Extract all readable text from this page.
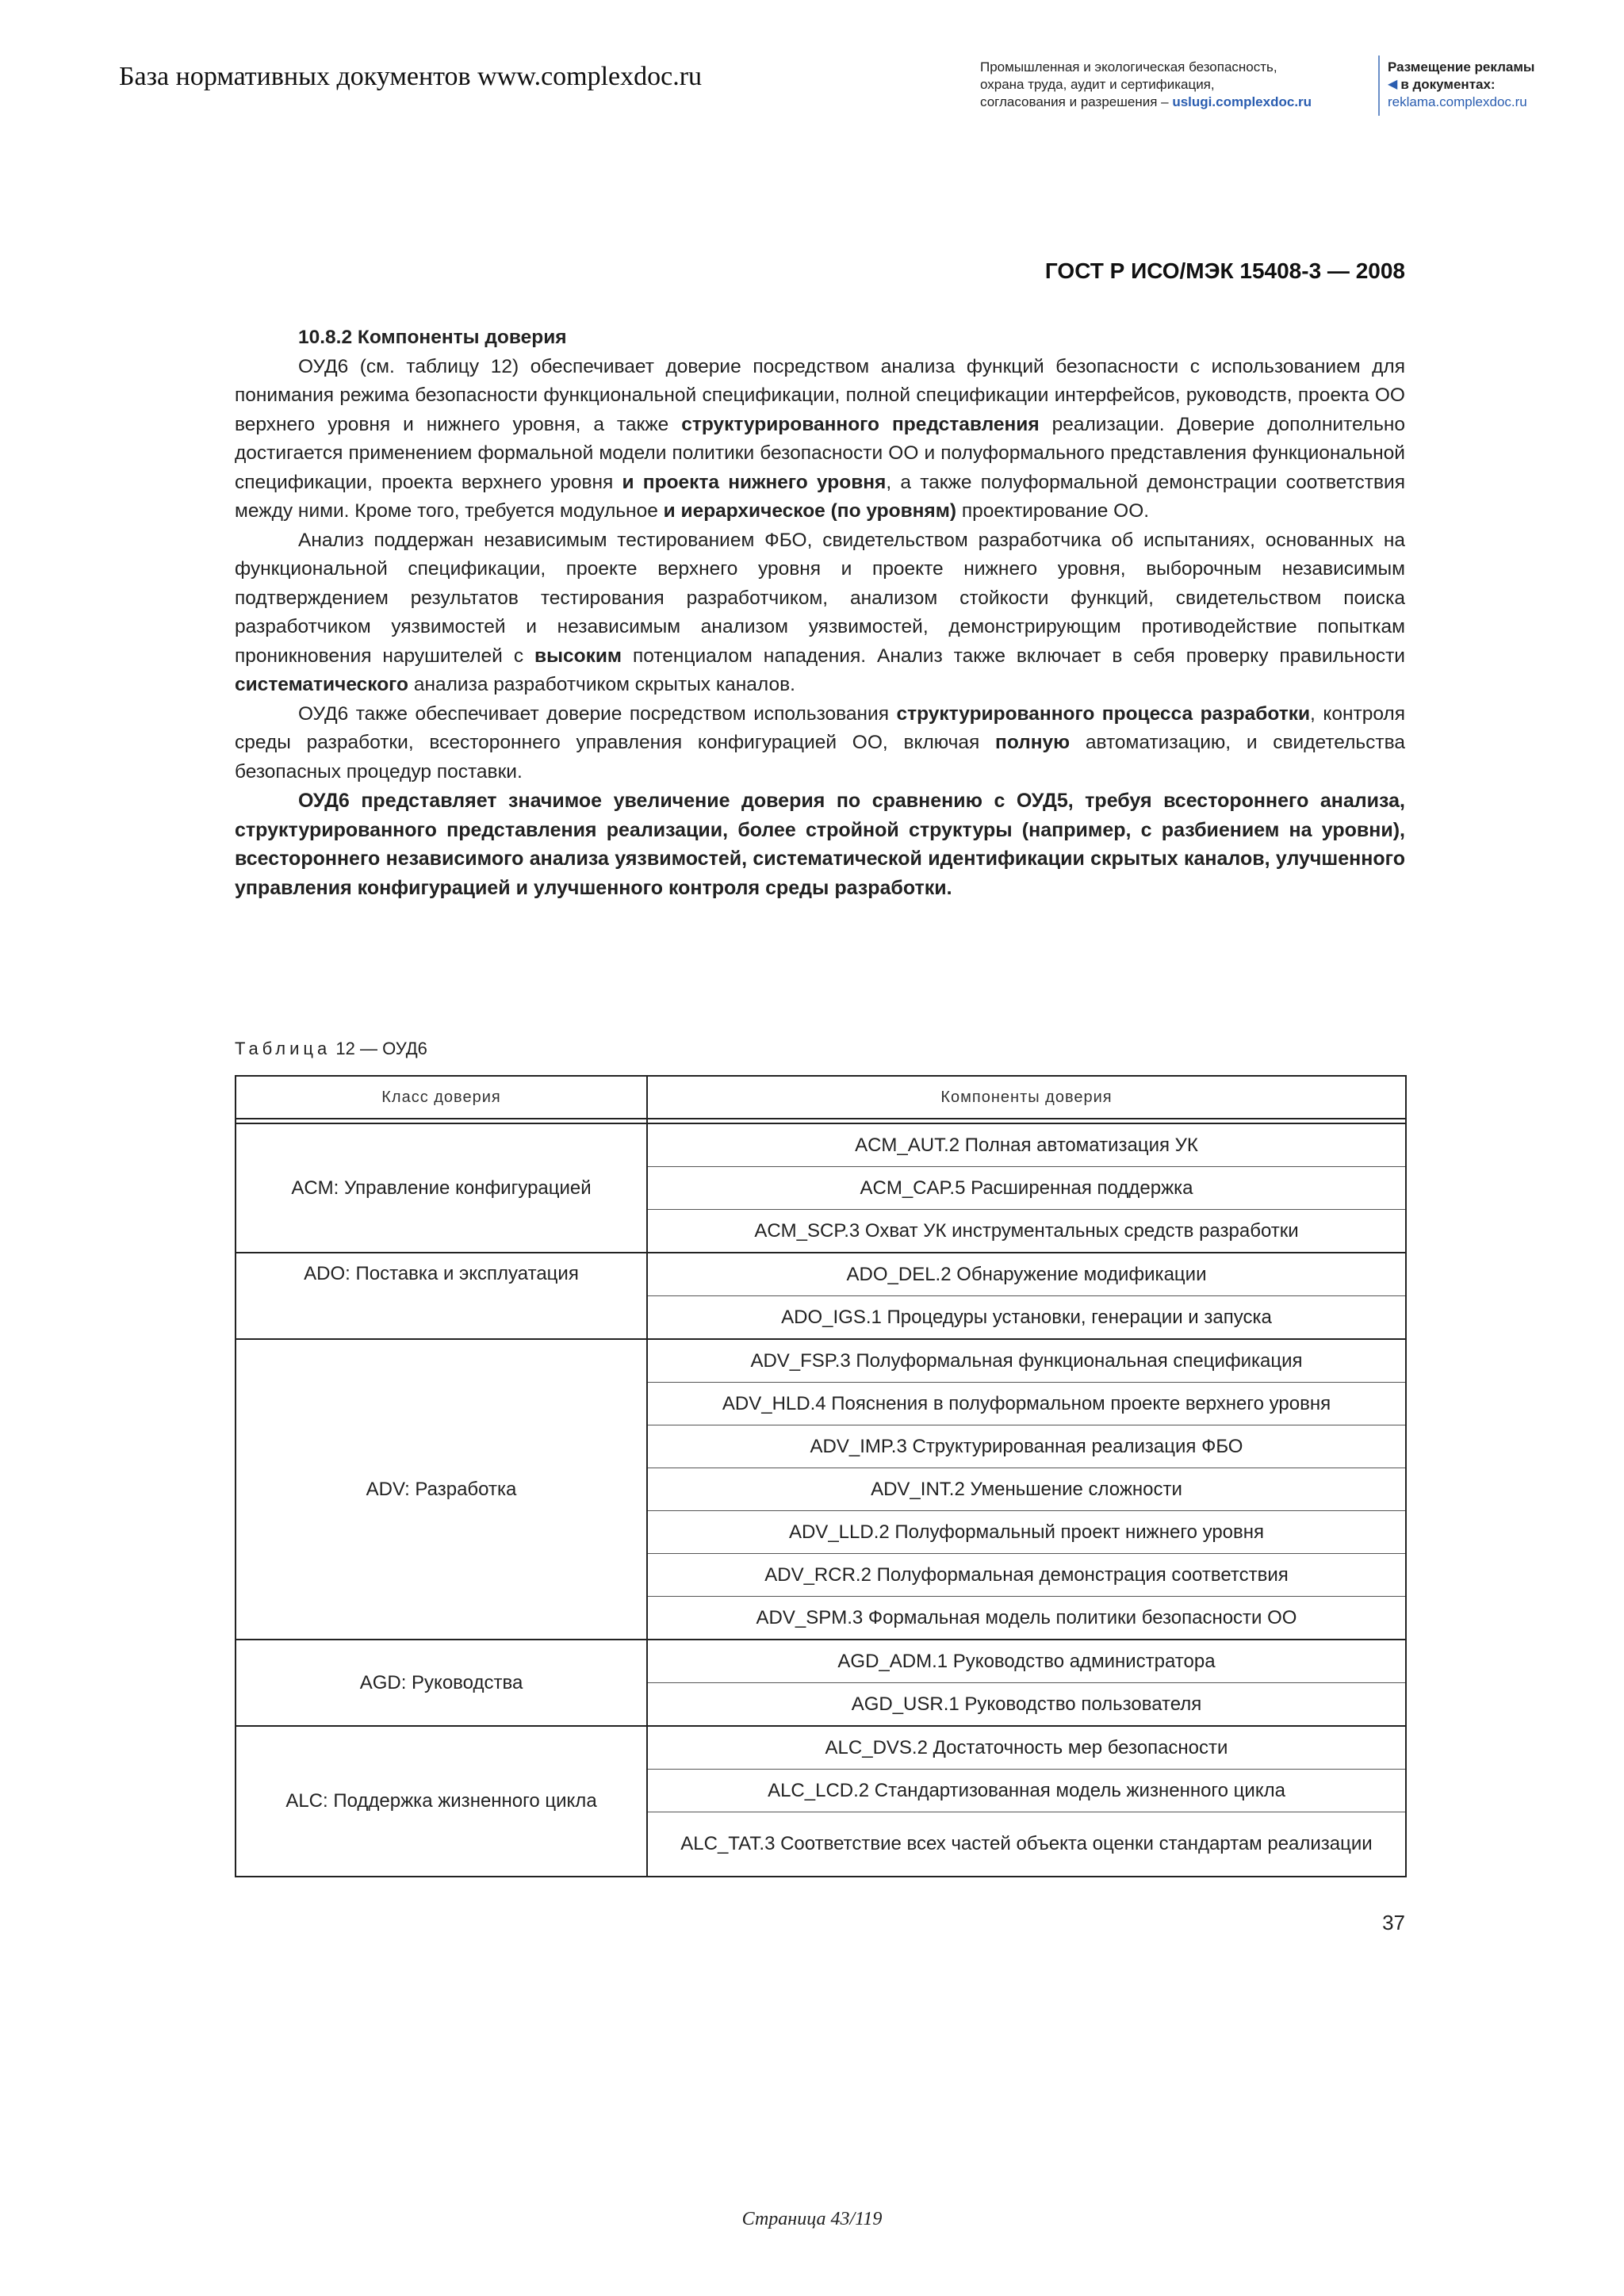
База нормативных документов www.complexdoc.ru	Промышленная и экологическая безопасность,
охрана труда, аудит и сертификация,
согласования и разрешения – uslugi.complexdoc.ru
Размещение рекламы
◀ в документах:
reklama.complexdoc.ru
ГОСТ Р ИСО/МЭК 15408-3 — 2008
10.8.2 Компоненты доверия

ОУД6 (см. таблицу 12) обеспечивает доверие посредством анализа функций безопасности с использованием для понимания режима безопасности функциональной спецификации, полной спецификации интерфейсов, руководств, проекта ОО верхнего уровня и нижнего уровня, а также структурированного представления реализации. Доверие дополнительно достигается применением формальной модели политики безопасности ОО и полуформального представления функциональной спецификации, проекта верхнего уровня и проекта нижнего уровня, а также полуформальной демонстрации соответствия между ними. Кроме того, требуется модульное и иерархическое (по уровням) проектирование ОО.

Анализ поддержан независимым тестированием ФБО, свидетельством разработчика об испытаниях, основанных на функциональной спецификации, проекте верхнего уровня и проекте нижнего уровня, выборочным независимым подтверждением результатов тестирования разработчиком, анализом стойкости функций, свидетельством поиска разработчиком уязвимостей и независимым анализом уязвимостей, демонстрирующим противодействие попыткам проникновения нарушителей с высоким потенциалом нападения. Анализ также включает в себя проверку правильности систематического анализа разработчиком скрытых каналов.

ОУД6 также обеспечивает доверие посредством использования структурированного процесса разработки, контроля среды разработки, всестороннего управления конфигурацией ОО, включая полную автоматизацию, и свидетельства безопасных процедур поставки.

ОУД6 представляет значимое увеличение доверия по сравнению с ОУД5, требуя всестороннего анализа, структурированного представления реализации, более стройной структуры (например, с разбиением на уровни), всестороннего независимого анализа уязвимостей, систематической идентификации скрытых каналов, улучшенного управления конфигурацией и улучшенного контроля среды разработки.

Таблица 12 — ОУД6
Класс доверия	Компоненты доверия

ACM: Управление конфигурацией	ACM_AUT.2 Полная автоматизация УК
	ACM_CAP.5 Расширенная поддержка
	ACM_SCP.3 Охват УК инструментальных средств разработки
ADO: Поставка и эксплуатация	ADO_DEL.2 Обнаружение модификации
	ADO_IGS.1 Процедуры установки, генерации и запуска
ADV: Разработка	ADV_FSP.3 Полуформальная функциональная спецификация
	ADV_HLD.4 Пояснения в полуформальном проекте верхнего уровня
	ADV_IMP.3 Структурированная реализация ФБО
	ADV_INT.2 Уменьшение сложности
	ADV_LLD.2 Полуформальный проект нижнего уровня
	ADV_RCR.2 Полуформальная демонстрация соответствия
	ADV_SPM.3 Формальная модель политики безопасности ОО
AGD: Руководства	AGD_ADM.1 Руководство администратора
	AGD_USR.1 Руководство пользователя
ALC: Поддержка жизненного цикла	ALC_DVS.2 Достаточность мер безопасности
	ALC_LCD.2 Стандартизованная модель жизненного цикла
	ALC_TAT.3 Соответствие всех частей объекта оценки стандартам реализации
37
Страница 43/119
